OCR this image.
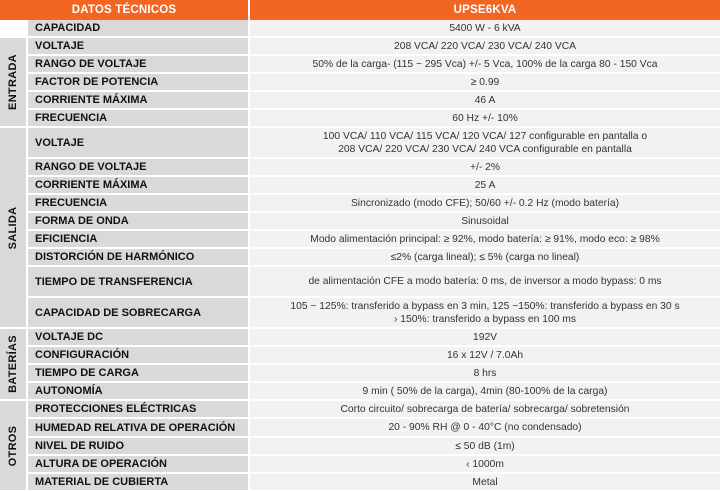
DATOS TÉCNICOS		UPSE6KVA
	CAPACIDAD	5400 W - 6 kVA

ENTRADA	VOLTAJE	208 VCA/ 220 VCA/ 230 VCA/ 240 VCA
	RANGO DE VOLTAJE	50% de la carga- (115 ~ 295 Vca) +/- 5 Vca, 100% de la carga 80 - 150 Vca
	FACTOR DE POTENCIA	≥ 0.99
	CORRIENTE MÁXIMA	46 A
	FRECUENCIA	60 Hz +/- 10%

SALIDA	VOLTAJE	100 VCA/ 110 VCA/ 115 VCA/ 120 VCA/ 127 configurable en pantalla o
208 VCA/ 220 VCA/ 230 VCA/ 240 VCA configurable en pantalla

	RANGO DE VOLTAJE	+/- 2%
	CORRIENTE MÁXIMA	25 A
	FRECUENCIA	Sincronizado (modo CFE); 50/60 +/- 0.2 Hz (modo batería)
	FORMA DE ONDA	Sinusoidal
	EFICIENCIA	Modo alimentación principal: ≥ 92%, modo batería: ≥ 91%, modo eco: ≥ 98%
	DISTORCIÓN DE HARMÓNICO	≤2% (carga lineal); ≤ 5% (carga no lineal)
	TIEMPO DE TRANSFERENCIA	de alimentación CFE a modo batería: 0 ms, de inversor a modo bypass: 0 ms
	CAPACIDAD DE SOBRECARGA	105 ~ 125%: transferido a bypass en 3 min, 125 ~150%: transferido a bypass en 30 s
› 150%: transferido a bypass en 100 ms

BATERÍAS	VOLTAJE DC	192V
	CONFIGURACIÓN	16 x 12V / 7.0Ah
	TIEMPO DE CARGA	8 hrs
	AUTONOMÍA	9 min ( 50% de la carga), 4min (80-100% de la carga)

OTROS	PROTECCIONES ELÉCTRICAS	Corto circuito/ sobrecarga de batería/ sobrecarga/ sobretensión
	HUMEDAD RELATIVA DE OPERACIÓN	20 - 90% RH @ 0 - 40°C (no condensado)
	NIVEL DE RUIDO	≤ 50 dB (1m)
	ALTURA DE OPERACIÓN	‹ 1000m
	MATERIAL DE CUBIERTA	Metal
